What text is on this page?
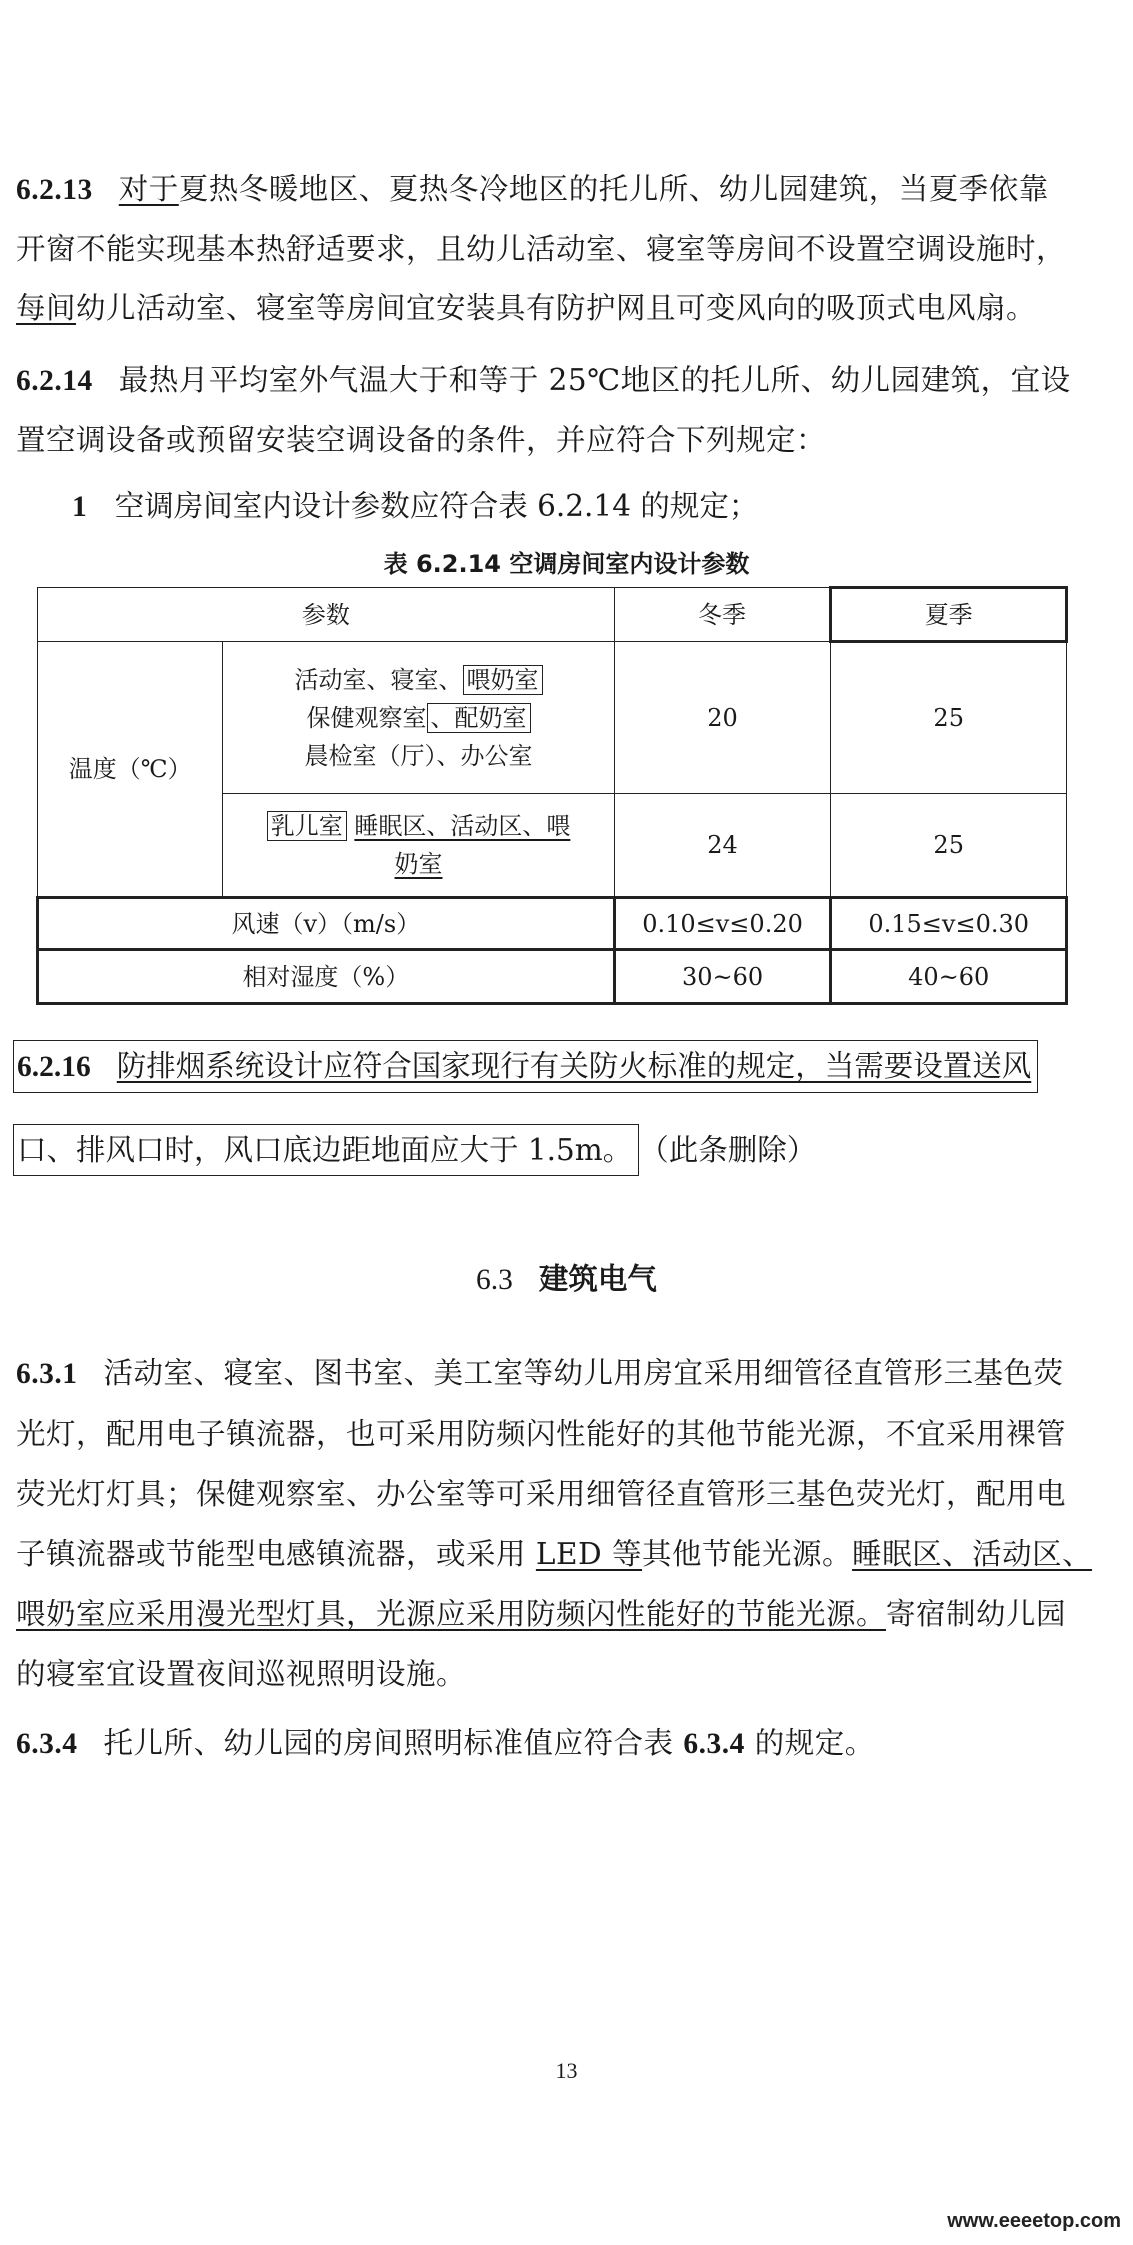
6.2.13 对于夏热冬暖地区、夏热冬冷地区的托儿所、幼儿园建筑，当夏季依靠
开窗不能实现基本热舒适要求，且幼儿活动室、寝室等房间不设置空调设施时，
每间幼儿活动室、寝室等房间宜安装具有防护网且可变风向的吸顶式电风扇。
6.2.14 最热月平均室外气温大于和等于 25℃地区的托儿所、幼儿园建筑，宜设
置空调设备或预留安装空调设备的条件，并应符合下列规定：
1 空调房间室内设计参数应符合表 6.2.14 的规定；
表 6.2.14 空调房间室内设计参数
参数		冬季	夏季
温度（℃）	活动室、寝室、 喂奶室
保健观察室 、配奶室
晨检室（厅）、办公室	20	25

	乳儿室 睡眠区、活动区、喂
奶室	24	25
风速（v）（m/s）		0.10≤v≤0.20	0.15≤v≤0.30
相对湿度（%）		30~60	40~60
6.2.16 防排烟系统设计应符合国家现行有关防火标准的规定，当需要设置送风
口、排风口时，风口底边距地面应大于 1.5m。 （此条删除）
6.3 建筑电气
6.3.1 活动室、寝室、图书室、美工室等幼儿用房宜采用细管径直管形三基色荧
光灯，配用电子镇流器，也可采用防频闪性能好的其他节能光源，不宜采用裸管
荧光灯灯具；保健观察室、办公室等可采用细管径直管形三基色荧光灯，配用电
子镇流器或节能型电感镇流器，或采用 LED 等其他节能光源。睡眠区、活动区、
喂奶室应采用漫光型灯具，光源应采用防频闪性能好的节能光源。寄宿制幼儿园
的寝室宜设置夜间巡视照明设施。
6.3.4 托儿所、幼儿园的房间照明标准值应符合表 6.3.4 的规定。
13
www.eeeetop.com
